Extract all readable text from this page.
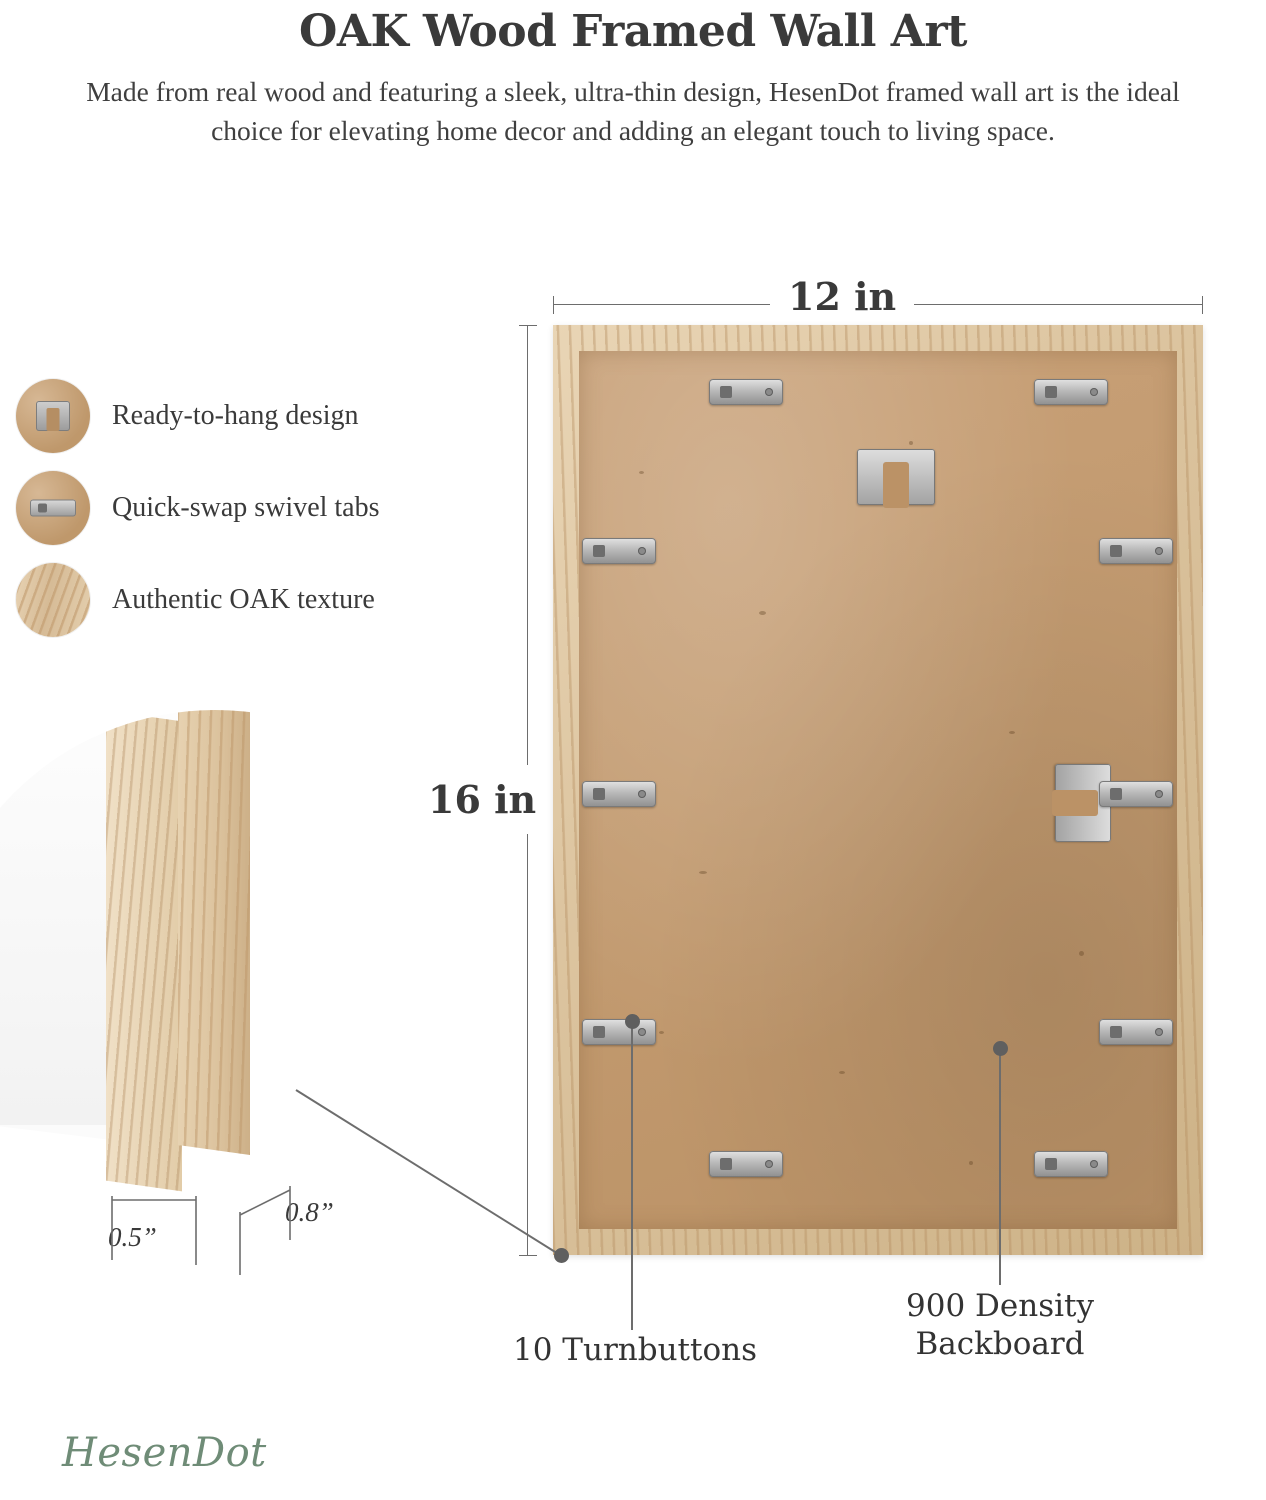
OAK Wood Framed Wall Art

Made from real wood and featuring a sleek, ultra-thin design, HesenDot framed wall art is the ideal choice for elevating home decor and adding an elegant touch to living space.

Ready-to-hang design
Quick-swap swivel tabs
Authentic OAK texture
0.5”
0.8”
12 in
16 in
10 Turnbuttons
900 Density
Backboard
HesenDot
